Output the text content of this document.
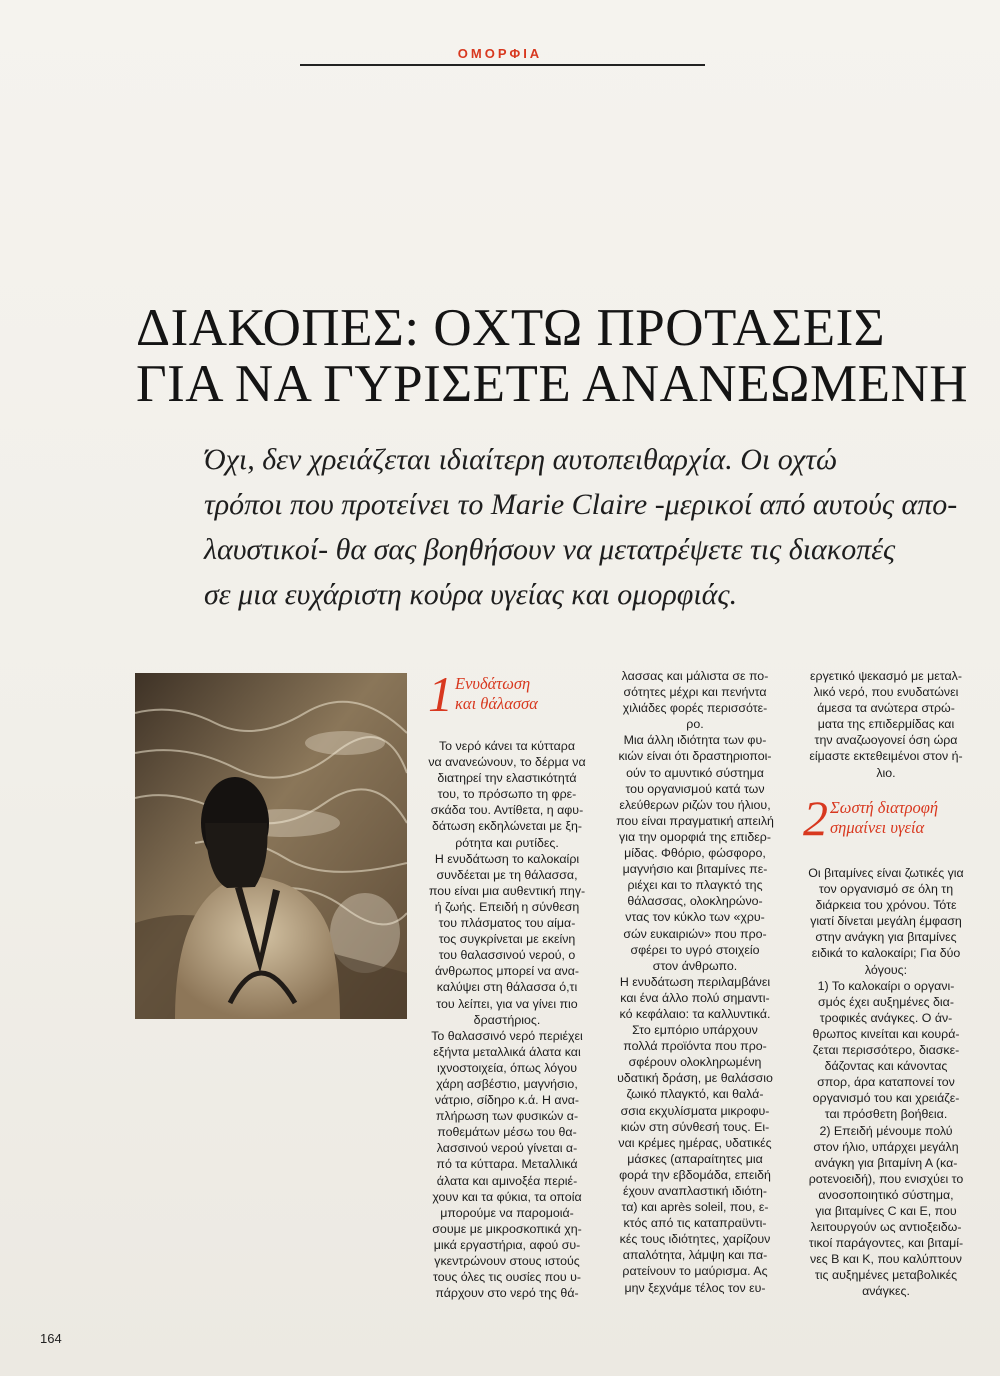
ΟΜΟΡΦΙΑ
ΔΙΑΚΟΠΕΣ: ΟΧΤΩ ΠΡΟΤΑΣΕΙΣ
ΓΙΑ ΝΑ ΓΥΡΙΣΕΤΕ ΑΝΑΝΕΩΜΕΝΗ

Όχι, δεν χρειάζεται ιδιαίτερη αυτοπειθαρχία. Οι οχτώ
τρόποι που προτείνει το Marie Claire -μερικοί από αυτούς απο-
λαυστικοί- θα σας βοηθήσουν να μετατρέψετε τις διακοπές
σε μια ευχάριστη κούρα υγείας και ομορφιάς.

1 Ενυδάτωση
και θάλασσα

Το νερό κάνει τα κύτταρα
να ανανεώνουν, το δέρμα να
διατηρεί την ελαστικότητά
του, το πρόσωπο τη φρε-
σκάδα του. Αντίθετα, η αφυ-
δάτωση εκδηλώνεται με ξη-
ρότητα και ρυτίδες.
Η ενυδάτωση το καλοκαίρι
συνδέεται με τη θάλασσα,
που είναι μια αυθεντική πηγ-
ή ζωής. Επειδή η σύνθεση
του πλάσματος του αίμα-
τος συγκρίνεται με εκείνη
του θαλασσινού νερού, ο
άνθρωπος μπορεί να ανα-
καλύψει στη θάλασσα ό,τι
του λείπει, για να γίνει πιο
δραστήριος.
Το θαλασσινό νερό περιέχει
εξήντα μεταλλικά άλατα και
ιχνοστοιχεία, όπως λόγου
χάρη ασβέστιο, μαγνήσιο,
νάτριο, σίδηρο κ.ά. Η ανα-
πλήρωση των φυσικών α-
ποθεμάτων μέσω του θα-
λασσινού νερού γίνεται α-
πό τα κύτταρα. Μεταλλικά
άλατα και αμινοξέα περιέ-
χουν και τα φύκια, τα οποία
μπορούμε να παρομοιά-
σουμε με μικροσκοπικά χη-
μικά εργαστήρια, αφού συ-
γκεντρώνουν στους ιστούς
τους όλες τις ουσίες που υ-
πάρχουν στο νερό της θά-

λασσας και μάλιστα σε πο-
σότητες μέχρι και πενήντα
χιλιάδες φορές περισσότε-
ρο.
Μια άλλη ιδιότητα των φυ-
κιών είναι ότι δραστηριοποι-
ούν το αμυντικό σύστημα
του οργανισμού κατά των
ελεύθερων ριζών του ήλιου,
που είναι πραγματική απειλή
για την ομορφιά της επιδερ-
μίδας. Φθόριο, φώσφορο,
μαγνήσιο και βιταμίνες πε-
ριέχει και το πλαγκτό της
θάλασσας, ολοκληρώνο-
ντας τον κύκλο των «χρυ-
σών ευκαιριών» που προ-
σφέρει το υγρό στοιχείο
στον άνθρωπο.
Η ενυδάτωση περιλαμβάνει
και ένα άλλο πολύ σημαντι-
κό κεφάλαιο: τα καλλυντικά.
Στο εμπόριο υπάρχουν
πολλά προϊόντα που προ-
σφέρουν ολοκληρωμένη
υδατική δράση, με θαλάσσιο
ζωικό πλαγκτό, και θαλά-
σσια εκχυλίσματα μικροφυ-
κιών στη σύνθεσή τους. Ει-
ναι κρέμες ημέρας, υδατικές
μάσκες (απαραίτητες μια
φορά την εβδομάδα, επειδή
έχουν αναπλαστική ιδιότη-
τα) και après soleil, που, ε-
κτός από τις καταπραϋντι-
κές τους ιδιότητες, χαρίζουν
απαλότητα, λάμψη και πα-
ρατείνουν το μαύρισμα. Ας
μην ξεχνάμε τέλος τον ευ-

εργετικό ψεκασμό με μεταλ-
λικό νερό, που ενυδατώνει
άμεσα τα ανώτερα στρώ-
ματα της επιδερμίδας και
την αναζωογονεί όση ώρα
είμαστε εκτεθειμένοι στον ή-
λιο.

2 Σωστή διατροφή
σημαίνει υγεία

Οι βιταμίνες είναι ζωτικές για
τον οργανισμό σε όλη τη
διάρκεια του χρόνου. Τότε
γιατί δίνεται μεγάλη έμφαση
στην ανάγκη για βιταμίνες
ειδικά το καλοκαίρι; Για δύο
λόγους:
1) Το καλοκαίρι ο οργανι-
σμός έχει αυξημένες δια-
τροφικές ανάγκες. Ο άν-
θρωπος κινείται και κουρά-
ζεται περισσότερο, διασκε-
δάζοντας και κάνοντας
σπορ, άρα καταπονεί τον
οργανισμό του και χρειάζε-
ται πρόσθετη βοήθεια.
2) Επειδή μένουμε πολύ
στον ήλιο, υπάρχει μεγάλη
ανάγκη για βιταμίνη Α (κα-
ροτενοειδή), που ενισχύει το
ανοσοποιητικό σύστημα,
για βιταμίνες C και Ε, που
λειτουργούν ως αντιοξειδω-
τικοί παράγοντες, και βιταμί-
νες Β και Κ, που καλύπτουν
τις αυξημένες μεταβολικές
ανάγκες.

164
